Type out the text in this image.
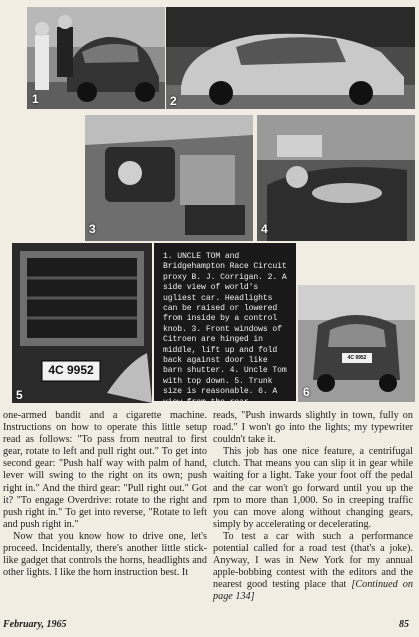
1	2
3	4
4C 9952
5
1. UNCLE TOM and Bridgehampton Race Circuit proxy B. J. Corrigan. 2. A side view of world's ugliest car. Headlights can be raised or lowered from inside by a control knob. 3. Front windows of Citroen are hinged in middle, lift up and fold back against door like barn shutter. 4. Uncle Tom with top down. 5. Trunk size is reasonable. 6. A view from the rear.
4C 9952
6

one-armed bandit and a cigarette machine. Instructions on how to operate this little setup read as follows: "To pass from neutral to first gear, rotate to left and pull right out." To get into second gear: "Push half way with palm of hand, lever will swing to the right on its own; push right in." And the third gear: "Pull right out." Got it? "To engage Overdrive: rotate to the right and push right in." To get into reverse, "Rotate to left and push right in."

Now that you know how to drive one, let's proceed. Incidentally, there's another little stick-like gadget that controls the horns, headlights and other lights. I like the horn instruction best. It

reads, "Push inwards slightly in town, fully on road." I won't go into the lights; my typewriter couldn't take it.

This job has one nice feature, a centrifugal clutch. That means you can slip it in gear while waiting for a light. Take your foot off the pedal and the car won't go forward until you up the rpm to more than 1,000. So in creeping traffic you can move along without changing gears, simply by accelerating or decelerating.

To test a car with such a performance potential called for a road test (that's a joke). Anyway, I was in New York for my annual apple-bobbing contest with the editors and the nearest good testing place that [Continued on page 134]

February, 1965	85
